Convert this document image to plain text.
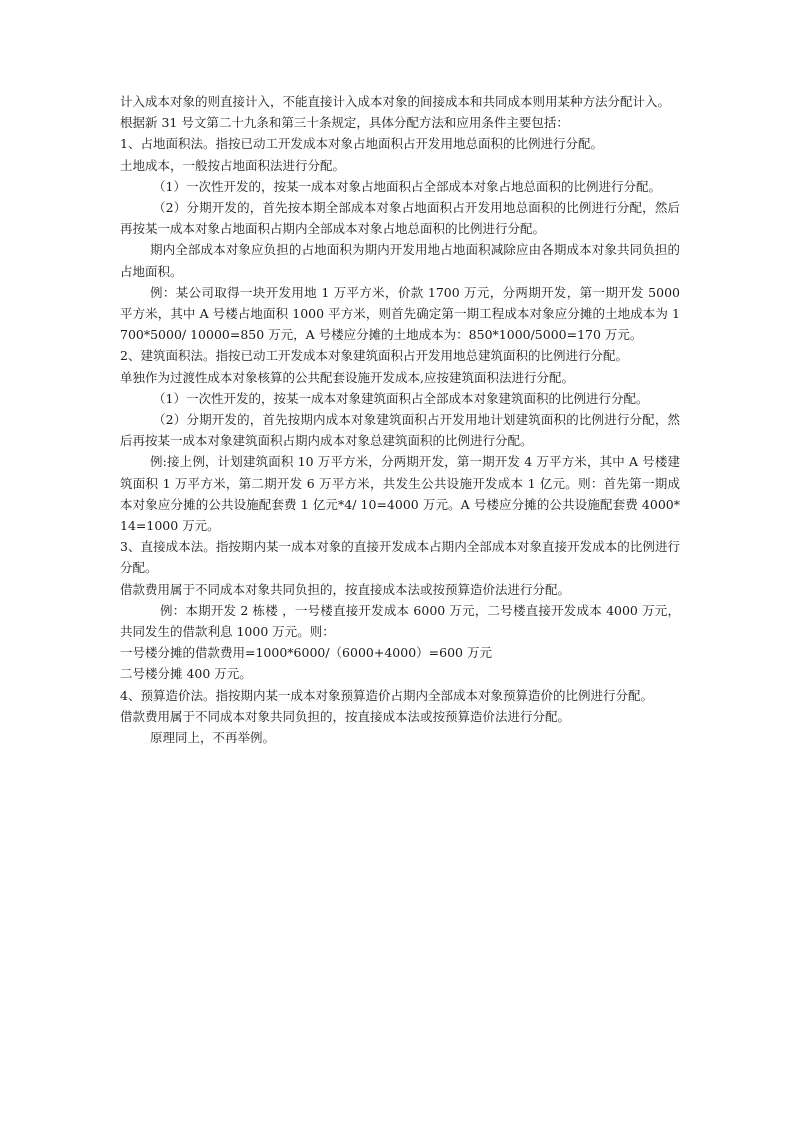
计入成本对象的则直接计入，不能直接计入成本对象的间接成本和共同成本则用某种方法分配计入。

根据新 31 号文第二十九条和第三十条规定，具体分配方法和应用条件主要包括：

1、占地面积法。指按已动工开发成本对象占地面积占开发用地总面积的比例进行分配。

土地成本，一般按占地面积法进行分配。

（1）一次性开发的，按某一成本对象占地面积占全部成本对象占地总面积的比例进行分配。

（2）分期开发的，首先按本期全部成本对象占地面积占开发用地总面积的比例进行分配，然后再按某一成本对象占地面积占期内全部成本对象占地总面积的比例进行分配。

期内全部成本对象应负担的占地面积为期内开发用地占地面积减除应由各期成本对象共同负担的占地面积。

例：某公司取得一块开发用地 1 万平方米，价款 1700 万元，分两期开发，第一期开发 5000 平方米，其中 A 号楼占地面积 1000 平方米，则首先确定第一期工程成本对象应分摊的土地成本为 1700*5000/ 10000=850 万元，A 号楼应分摊的土地成本为：850*1000/5000=170 万元。

2、建筑面积法。指按已动工开发成本对象建筑面积占开发用地总建筑面积的比例进行分配。

单独作为过渡性成本对象核算的公共配套设施开发成本,应按建筑面积法进行分配。

（1）一次性开发的，按某一成本对象建筑面积占全部成本对象建筑面积的比例进行分配。

（2）分期开发的，首先按期内成本对象建筑面积占开发用地计划建筑面积的比例进行分配，然后再按某一成本对象建筑面积占期内成本对象总建筑面积的比例进行分配。

例:接上例，计划建筑面积 10 万平方米，分两期开发，第一期开发 4 万平方米，其中 A 号楼建筑面积 1 万平方米，第二期开发 6 万平方米，共发生公共设施开发成本 1 亿元。则：首先第一期成本对象应分摊的公共设施配套费 1 亿元*4/ 10=4000 万元。A 号楼应分摊的公共设施配套费 4000*14=1000 万元。

3、直接成本法。指按期内某一成本对象的直接开发成本占期内全部成本对象直接开发成本的比例进行分配。

借款费用属于不同成本对象共同负担的，按直接成本法或按预算造价法进行分配。

例：本期开发 2 栋楼 ，一号楼直接开发成本 6000 万元，二号楼直接开发成本 4000 万元，共同发生的借款利息 1000 万元。则：

一号楼分摊的借款费用=1000*6000/（6000+4000）=600 万元

二号楼分摊 400 万元。

4、预算造价法。指按期内某一成本对象预算造价占期内全部成本对象预算造价的比例进行分配。

借款费用属于不同成本对象共同负担的，按直接成本法或按预算造价法进行分配。

原理同上，不再举例。
